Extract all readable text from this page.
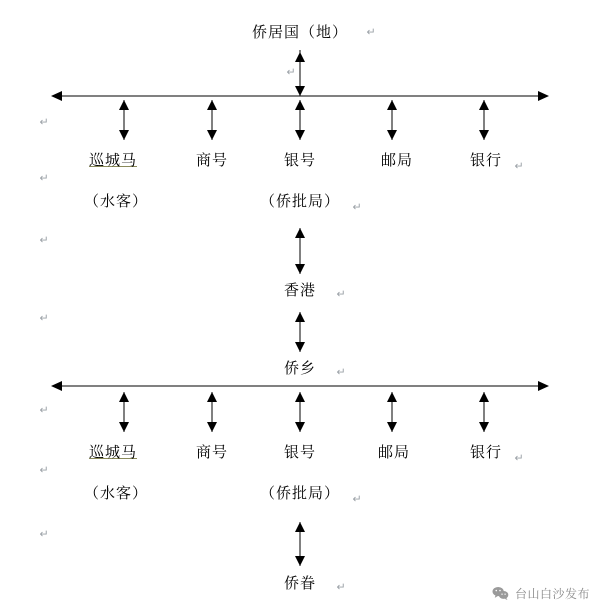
侨居国（地） ↵
↵
↵
巡城马
（水客）
商号	银号
（侨批局） ↵
邮局	银行 ↵
↵
↵
香港 ↵
↵
侨乡 ↵
↵
巡城马
（水客）
商号	银号
（侨批局） ↵
邮局	银行 ↵
↵
↵
侨眷 ↵	台山白沙发布
